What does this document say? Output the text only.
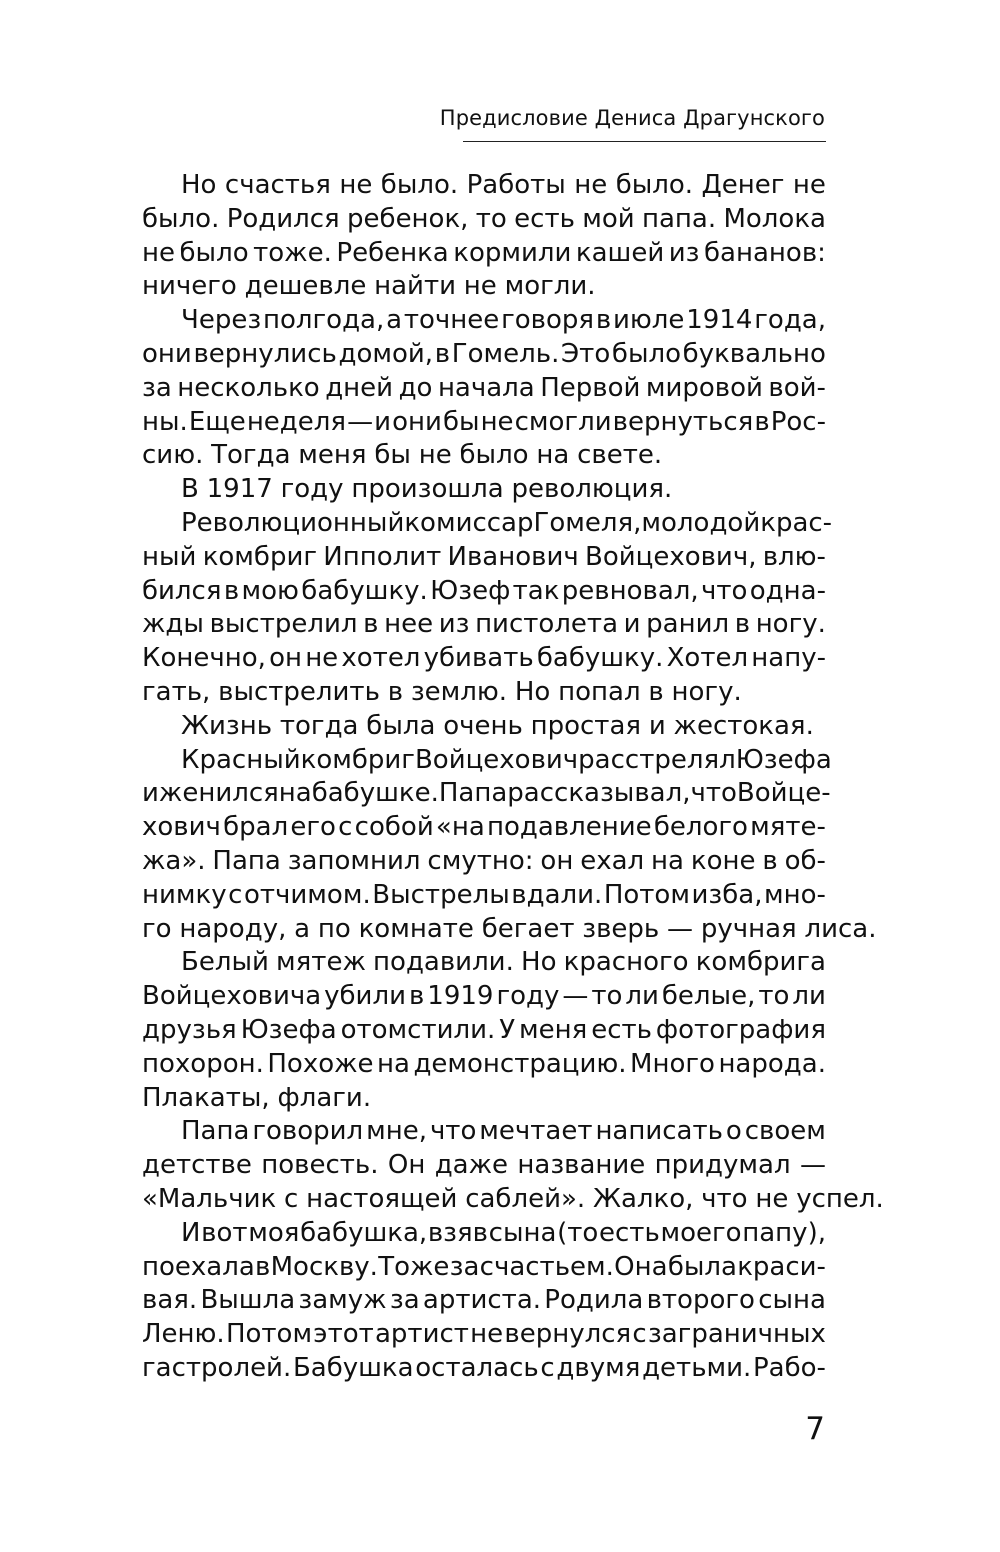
Предисловие Дениса Драгунского
Но счастья не было. Работы не было. Денег не
было. Родился ребенок, то есть мой папа. Молока
не было тоже. Ребенка кормили кашей из бананов:
ничего дешевле найти не могли.
Через полгода, а точнее говоря в июле 1914 года,
они вернулись домой, в Гомель. Это было буквально
за несколько дней до начала Первой мировой вой-
ны. Еще неделя — и они бы не смогли вернуться в Рос-
сию. Тогда меня бы не было на свете.
В 1917 году произошла революция.
Революционный комиссар Гомеля, молодой крас-
ный комбриг Ипполит Иванович Войцехович, влю-
бился в мою бабушку. Юзеф так ревновал, что одна-
жды выстрелил в нее из пистолета и ранил в ногу.
Конечно, он не хотел убивать бабушку. Хотел напу-
гать, выстрелить в землю. Но попал в ногу.
Жизнь тогда была очень простая и жестокая.
Красный комбриг Войцехович расстрелял Юзефа
и женился на бабушке. Папа рассказывал, что Войце-
хович брал его с собой «на подавление белого мяте-
жа». Папа запомнил смутно: он ехал на коне в об-
нимку с отчимом. Выстрелы вдали. Потом изба, мно-
го народу, а по комнате бегает зверь — ручная лиса.
Белый мятеж подавили. Но красного комбрига
Войцеховича убили в 1919 году — то ли белые, то ли
друзья Юзефа отомстили. У меня есть фотография
похорон. Похоже на демонстрацию. Много народа.
Плакаты, флаги.
Папа говорил мне, что мечтает написать о своем
детстве повесть. Он даже название придумал —
«Мальчик с настоящей саблей». Жалко, что не успел.
И вот моя бабушка, взяв сына (то есть моего папу),
поехала в Москву. Тоже за счастьем. Она была краси-
вая. Вышла замуж за артиста. Родила второго сына
Леню. Потом этот артист не вернулся с заграничных
гастролей. Бабушка осталась с двумя детьми. Рабо-
7
